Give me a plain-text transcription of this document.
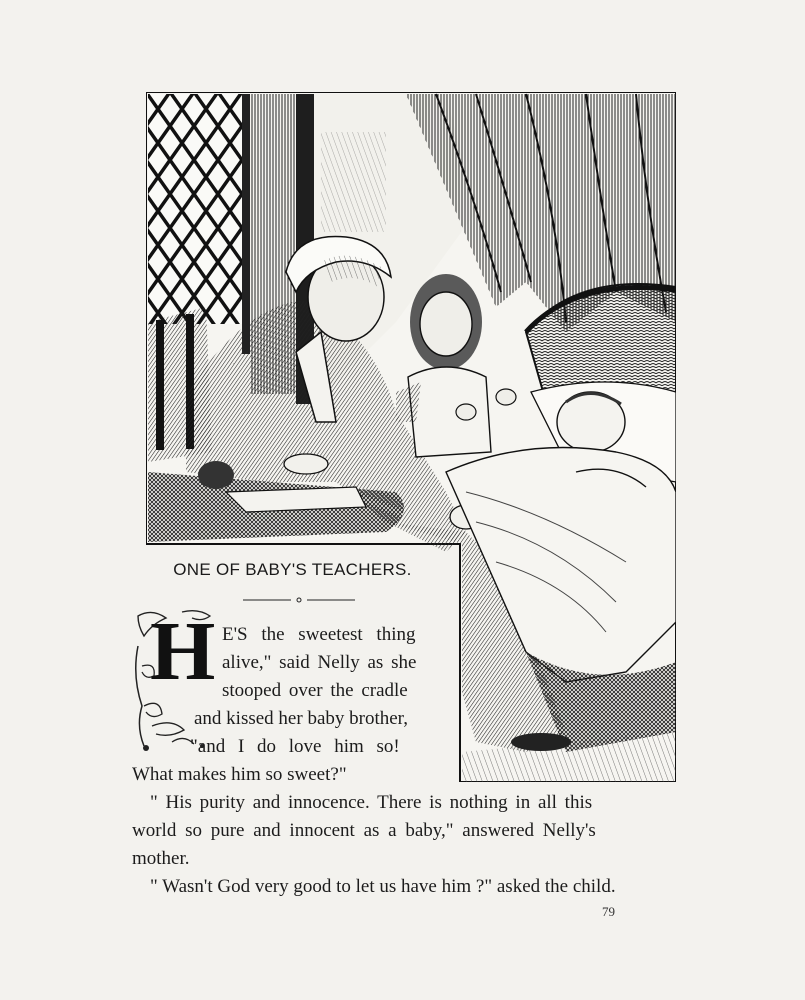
ONE OF BABY'S TEACHERS.
H E'S the sweetest thing
alive," said Nelly as she
stooped over the cradle
and kissed her baby brother,
"and I do love him so!
What makes him so sweet?"
" His purity and innocence. There is nothing in all this
world so pure and innocent as a baby," answered Nelly's
mother.
" Wasn't God very good to let us have him ?" asked the child.
79
